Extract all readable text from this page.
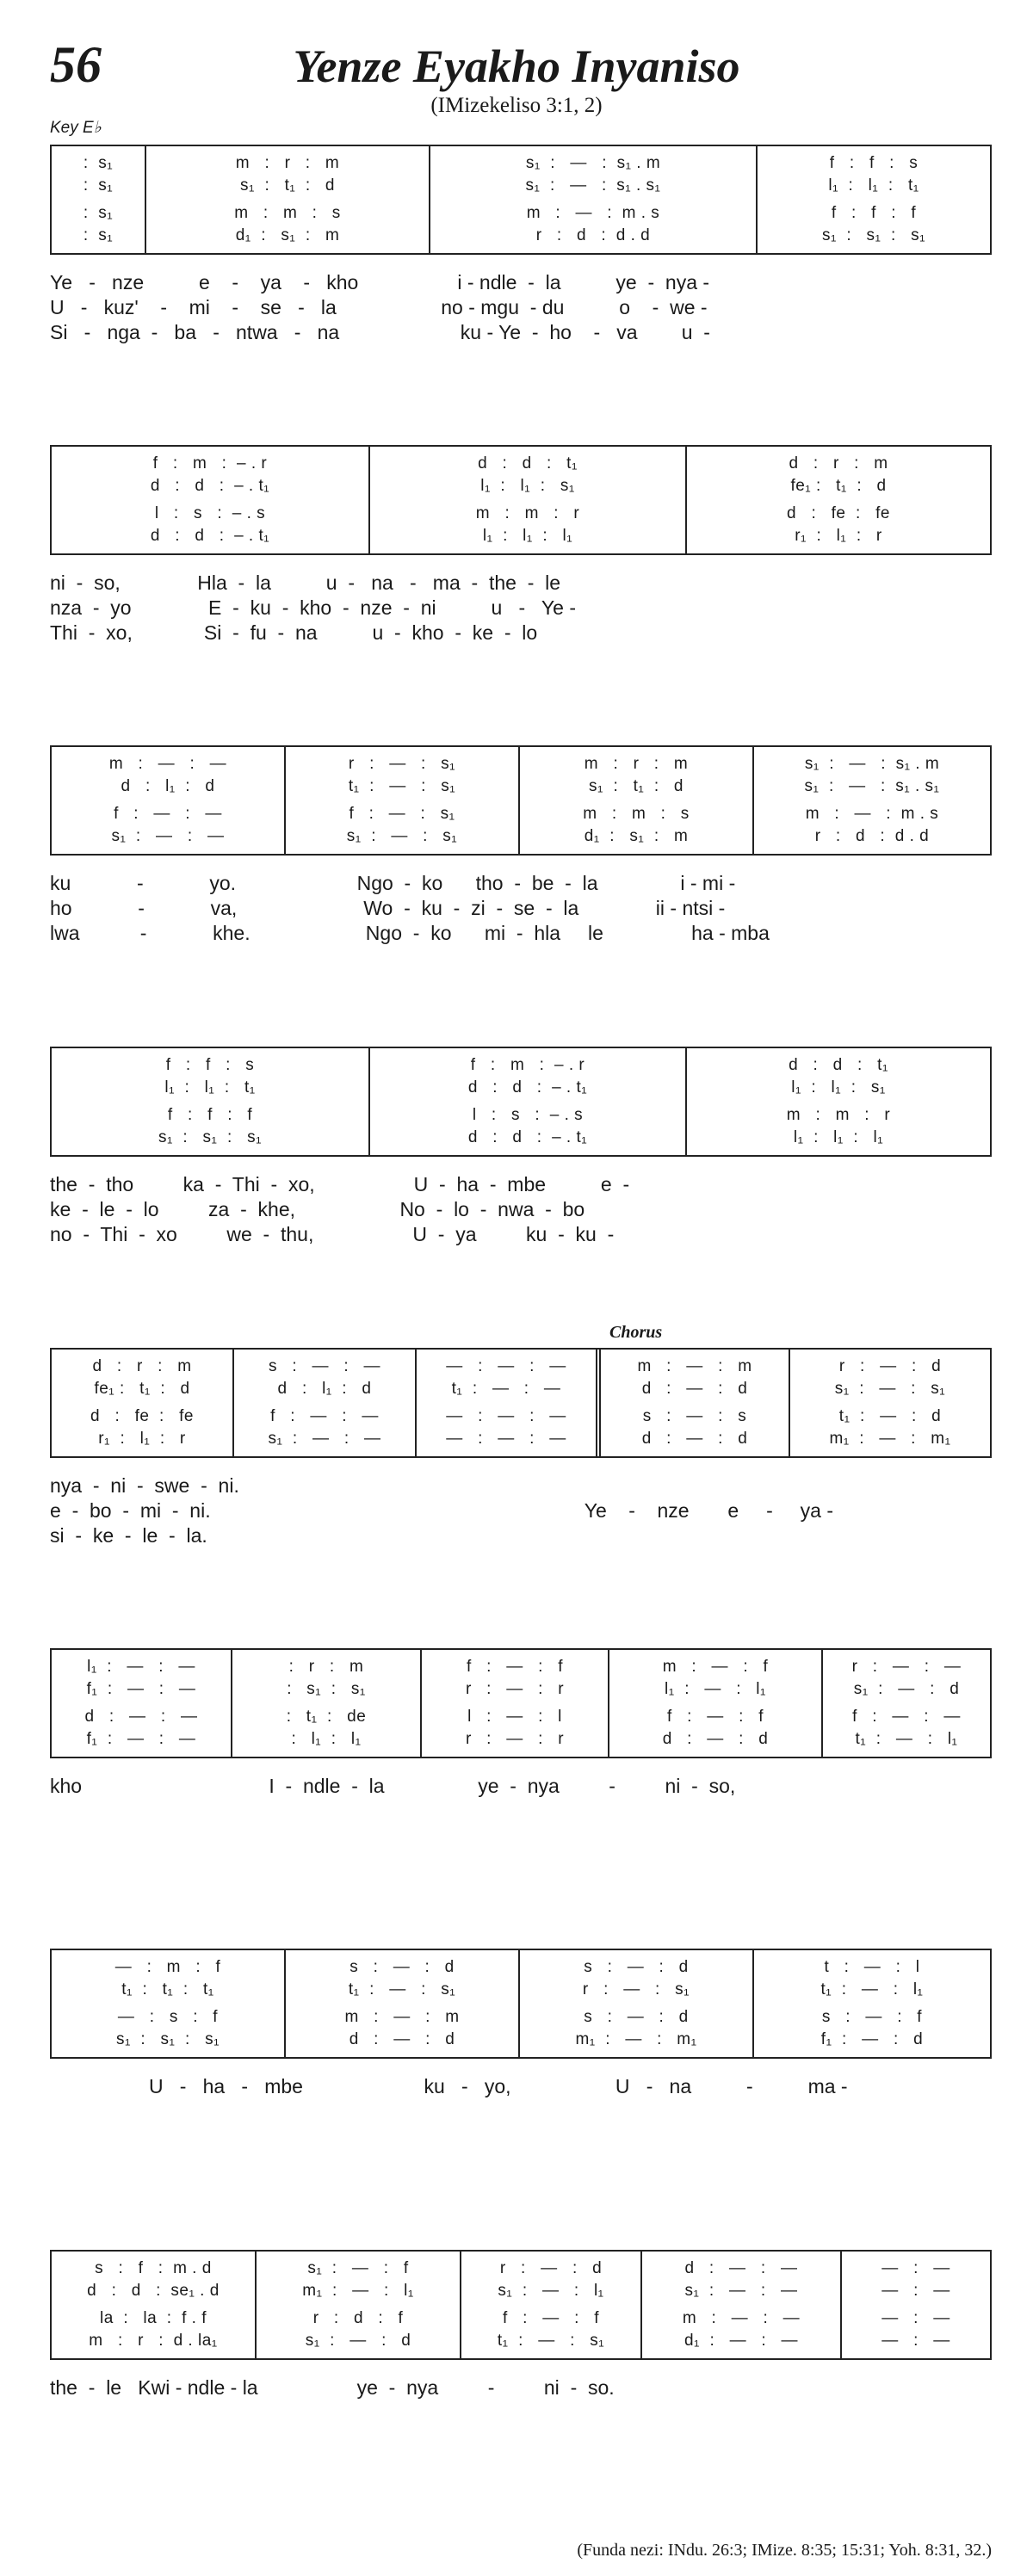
56	Yenze Eyakho Inyaniso
(IMizekeliso 3:1, 2)
Key E♭
Chorus
:  s₁
:  s₁
:  s₁
:  s₁
m   :   r   :   m
s₁  :   t₁  :   d
m   :   m   :   s
d₁  :   s₁  :   m
s₁  :   —   :  s₁ . m
s₁  :   —   :  s₁ . s₁
m   :   —   :  m . s
r   :   d   :  d . d
f   :   f   :   s
l₁  :   l₁  :   t₁
f   :   f   :   f
s₁  :   s₁  :   s₁
Ye   -   nze          e    -    ya    -   kho                  i - ndle  -  la          ye  -  nya -
U   -   kuz'    -    mi    -    se   -   la                   no - mgu  - du          o    -  we -
Si   -   nga  -   ba   -   ntwa   -   na                      ku - Ye  -  ho    -   va        u  -
f   :   m   :  – . r
d   :   d   :  – . t₁
l   :   s   :  – . s
d   :   d   :  – . t₁
d   :   d   :   t₁
l₁  :   l₁  :   s₁
m   :   m   :   r
l₁  :   l₁  :   l₁
d   :   r   :   m
fe₁ :   t₁  :   d
d   :   fe  :   fe
r₁  :   l₁  :   r
ni  -  so,              Hla  -  la          u  -   na   -   ma  -  the  -  le
nza  -  yo              E  -  ku  -  kho  -  nze  -  ni          u   -   Ye -
Thi  -  xo,             Si  -  fu  -  na          u  -  kho  -  ke  -  lo
m   :   —   :   —
d   :   l₁  :   d
f   :   —   :   —
s₁  :   —   :   —
r   :   —   :   s₁
t₁  :   —   :   s₁
f   :   —   :   s₁
s₁  :   —   :   s₁
m   :   r   :   m
s₁  :   t₁  :   d
m   :   m   :   s
d₁  :   s₁  :   m
s₁  :   —   :  s₁ . m
s₁  :   —   :  s₁ . s₁
m   :   —   :  m . s
r   :   d   :  d . d
ku            -            yo.                      Ngo  -  ko      tho  -  be  -  la               i - mi -
ho            -            va,                       Wo  -  ku  -  zi  -  se  -  la              ii - ntsi -
lwa           -            khe.                     Ngo  -  ko      mi  -  hla     le                ha - mba
f   :   f   :   s
l₁  :   l₁  :   t₁
f   :   f   :   f
s₁  :   s₁  :   s₁
f   :   m   :  – . r
d   :   d   :  – . t₁
l   :   s   :  – . s
d   :   d   :  – . t₁
d   :   d   :   t₁
l₁  :   l₁  :   s₁
m   :   m   :   r
l₁  :   l₁  :   l₁
the  -  tho         ka  -  Thi  -  xo,                  U  -  ha  -  mbe          e  -
ke  -  le  -  lo         za  -  khe,                   No  -  lo  -  nwa  -  bo
no  -  Thi  -  xo         we  -  thu,                  U  -  ya         ku  -  ku  -
d   :   r   :   m
fe₁ :   t₁  :   d
d   :   fe  :   fe
r₁  :   l₁  :   r
s   :   —   :   —
d   :   l₁  :   d
f   :   —   :   —
s₁  :   —   :   —
—   :   —   :   —
t₁  :   —   :   —
—   :   —   :   —
—   :   —   :   —
m   :   —   :   m
d   :   —   :   d
s   :   —   :   s
d   :   —   :   d
r   :   —   :   d
s₁  :   —   :   s₁
t₁  :   —   :   d
m₁  :   —   :   m₁
nya  -  ni  -  swe  -  ni.
e  -  bo  -  mi  -  ni.                                                                    Ye    -    nze       e     -     ya -
si  -  ke  -  le  -  la.
l₁  :   —   :   —
f₁  :   —   :   —
d   :   —   :   —
f₁  :   —   :   —
:   r   :   m
:   s₁  :   s₁
:   t₁  :   de
:   l₁  :   l₁
f   :   —   :   f
r   :   —   :   r
l   :   —   :   l
r   :   —   :   r
m   :   —   :   f
l₁  :   —   :   l₁
f   :   —   :   f
d   :   —   :   d
r   :   —   :   —
s₁  :   —   :   d
f   :   —   :   —
t₁  :   —   :   l₁
kho                                  I  -  ndle  -  la                 ye  -  nya         -         ni  -  so,
—   :   m   :   f
t₁  :   t₁  :   t₁
—   :   s   :   f
s₁  :   s₁  :   s₁
s   :   —   :   d
t₁  :   —   :   s₁
m   :   —   :   m
d   :   —   :   d
s   :   —   :   d
r   :   —   :   s₁
s   :   —   :   d
m₁  :   —   :   m₁
t   :   —   :   l
t₁  :   —   :   l₁
s   :   —   :   f
f₁  :   —   :   d
U   -   ha   -   mbe                      ku   -   yo,                   U   -   na          -          ma -
s   :   f   :  m . d
d   :   d   :  se₁ . d
la  :   la  :  f . f
m   :   r   :  d . la₁
s₁  :   —   :   f
m₁  :   —   :   l₁
r   :   d   :   f
s₁  :   —   :   d
r   :   —   :   d
s₁  :   —   :   l₁
f   :   —   :   f
t₁  :   —   :   s₁
d   :   —   :   —
s₁  :   —   :   —
m   :   —   :   —
d₁  :   —   :   —
—   :   —
—   :   —
—   :   —
—   :   —
the  -  le   Kwi - ndle - la                  ye  -  nya         -         ni  -  so.
(Funda nezi: INdu. 26:3; IMize. 8:35; 15:31; Yoh. 8:31, 32.)
